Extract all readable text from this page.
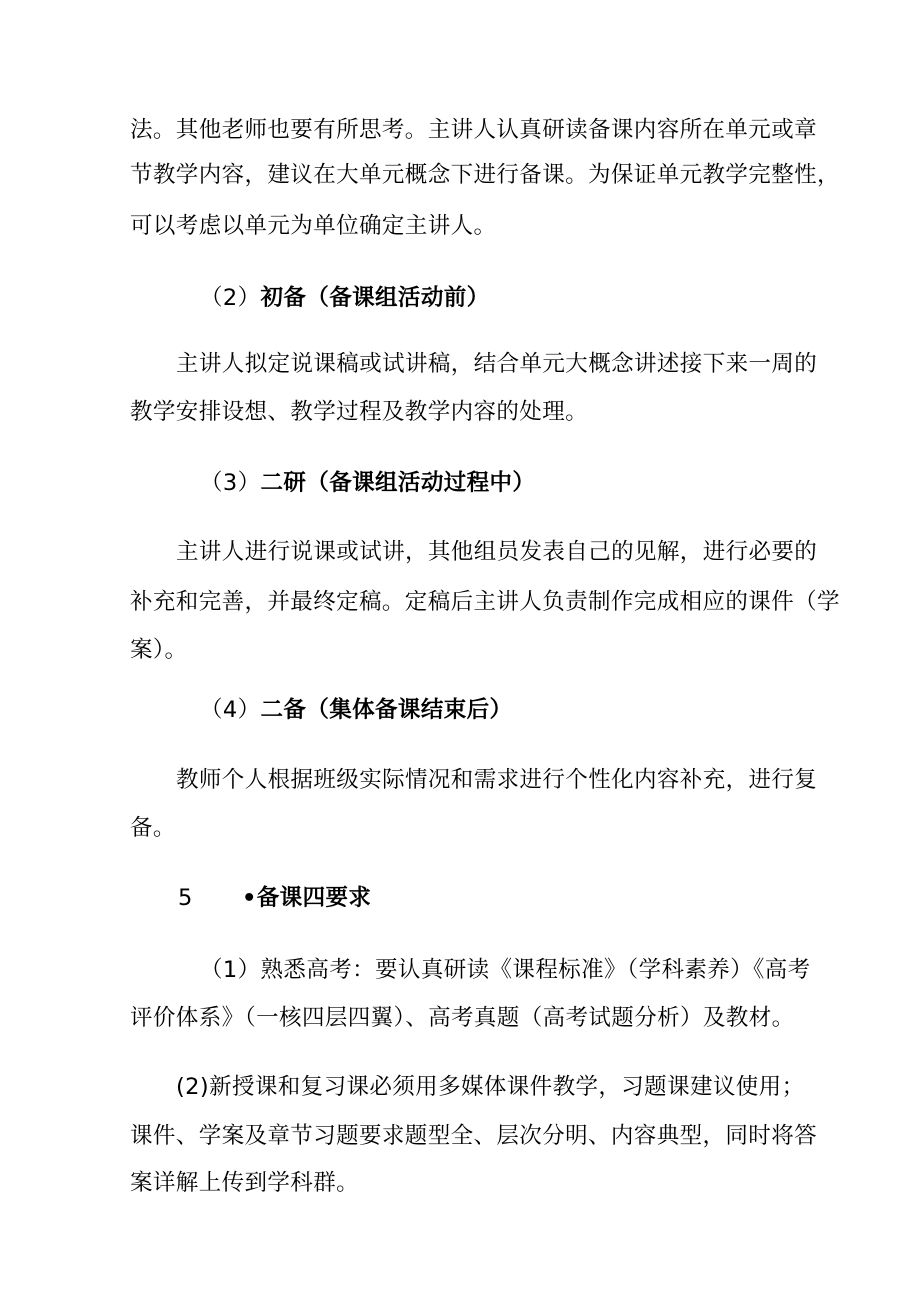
法。其他老师也要有所思考。主讲人认真研读备课内容所在单元或章
节教学内容，建议在大单元概念下进行备课。为保证单元教学完整性，
可以考虑以单元为单位确定主讲人。
（2）初备（备课组活动前）
主讲人拟定说课稿或试讲稿，结合单元大概念讲述接下来一周的
教学安排设想、教学过程及教学内容的处理。
（3）二研（备课组活动过程中）
主讲人进行说课或试讲，其他组员发表自己的见解，进行必要的
补充和完善，并最终定稿。定稿后主讲人负责制作完成相应的课件（学
案）。
（4）二备（集体备课结束后）
教师个人根据班级实际情况和需求进行个性化内容补充，进行复
备。
5 •备课四要求
（1）熟悉高考：要认真研读《课程标准》（学科素养）《高考
评价体系》（一核四层四翼）、高考真题（高考试题分析）及教材。
(2)新授课和复习课必须用多媒体课件教学，习题课建议使用；
课件、学案及章节习题要求题型全、层次分明、内容典型，同时将答
案详解上传到学科群。
